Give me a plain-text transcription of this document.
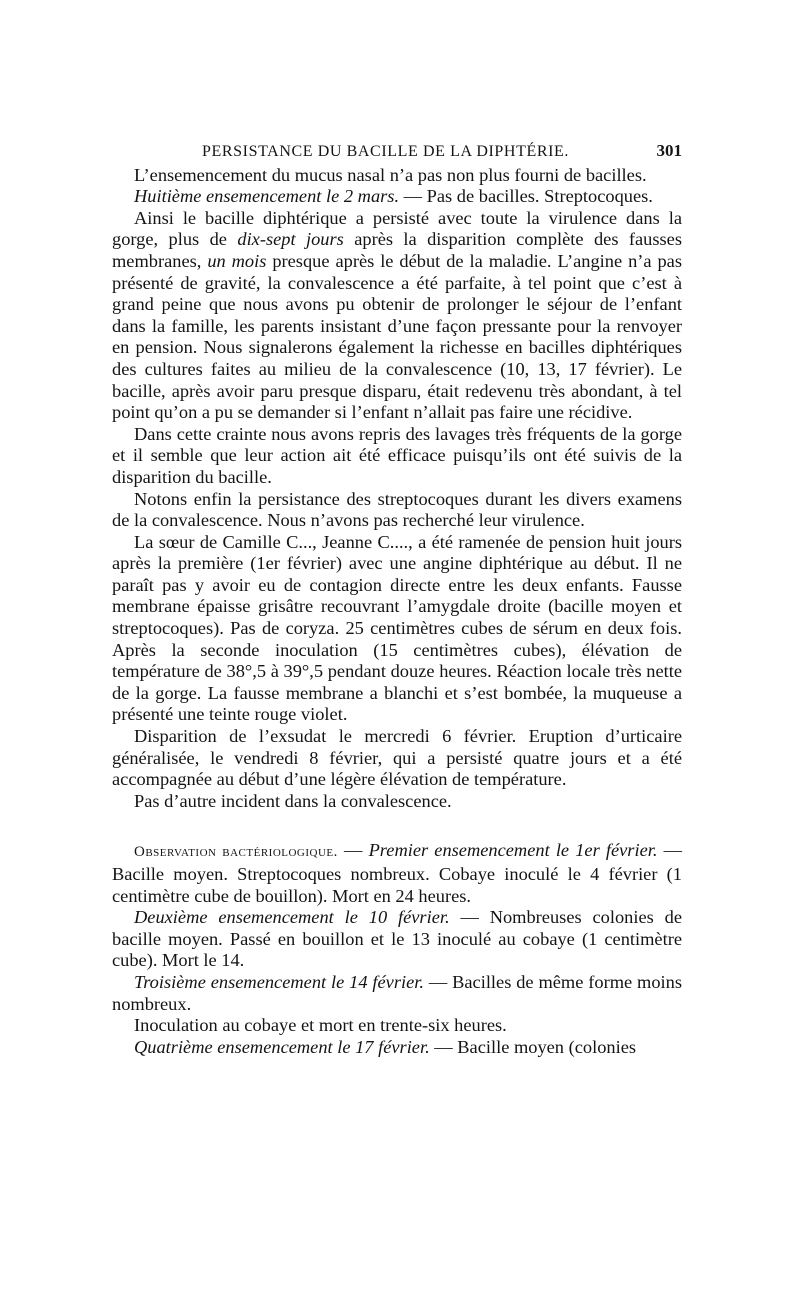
PERSISTANCE DU BACILLE DE LA DIPHTÉRIE.	301

L’ensemencement du mucus nasal n’a pas non plus fourni de bacilles.

Huitième ensemencement le 2 mars. — Pas de bacilles. Streptocoques.

Ainsi le bacille diphtérique a persisté avec toute la virulence dans la gorge, plus de dix-sept jours après la disparition complète des fausses membranes, un mois presque après le début de la maladie. L’angine n’a pas présenté de gravité, la convalescence a été parfaite, à tel point que c’est à grand peine que nous avons pu obtenir de prolonger le séjour de l’enfant dans la famille, les parents insistant d’une façon pressante pour la renvoyer en pension. Nous signalerons également la richesse en bacilles diphtériques des cultures faites au milieu de la convalescence (10, 13, 17 février). Le bacille, après avoir paru presque disparu, était redevenu très abondant, à tel point qu’on a pu se demander si l’enfant n’allait pas faire une récidive.

Dans cette crainte nous avons repris des lavages très fréquents de la gorge et il semble que leur action ait été efficace puisqu’ils ont été suivis de la disparition du bacille.

Notons enfin la persistance des streptocoques durant les divers examens de la convalescence. Nous n’avons pas recherché leur virulence.

La sœur de Camille C..., Jeanne C...., a été ramenée de pension huit jours après la première (1er février) avec une angine diphtérique au début. Il ne paraît pas y avoir eu de contagion directe entre les deux enfants. Fausse membrane épaisse grisâtre recouvrant l’amygdale droite (bacille moyen et streptocoques). Pas de coryza. 25 centimètres cubes de sérum en deux fois. Après la seconde inoculation (15 centimètres cubes), élévation de température de 38°,5 à 39°,5 pendant douze heures. Réaction locale très nette de la gorge. La fausse membrane a blanchi et s’est bombée, la muqueuse a présenté une teinte rouge violet.

Disparition de l’exsudat le mercredi 6 février. Eruption d’urticaire généralisée, le vendredi 8 février, qui a persisté quatre jours et a été accompagnée au début d’une légère élévation de température.

Pas d’autre incident dans la convalescence.

Observation bactériologique. — Premier ensemencement le 1er février. — Bacille moyen. Streptocoques nombreux. Cobaye inoculé le 4 février (1 centimètre cube de bouillon). Mort en 24 heures.

Deuxième ensemencement le 10 février. — Nombreuses colonies de bacille moyen. Passé en bouillon et le 13 inoculé au cobaye (1 centimètre cube). Mort le 14.

Troisième ensemencement le 14 février. — Bacilles de même forme moins nombreux.

Inoculation au cobaye et mort en trente-six heures.

Quatrième ensemencement le 17 février. — Bacille moyen (colonies
